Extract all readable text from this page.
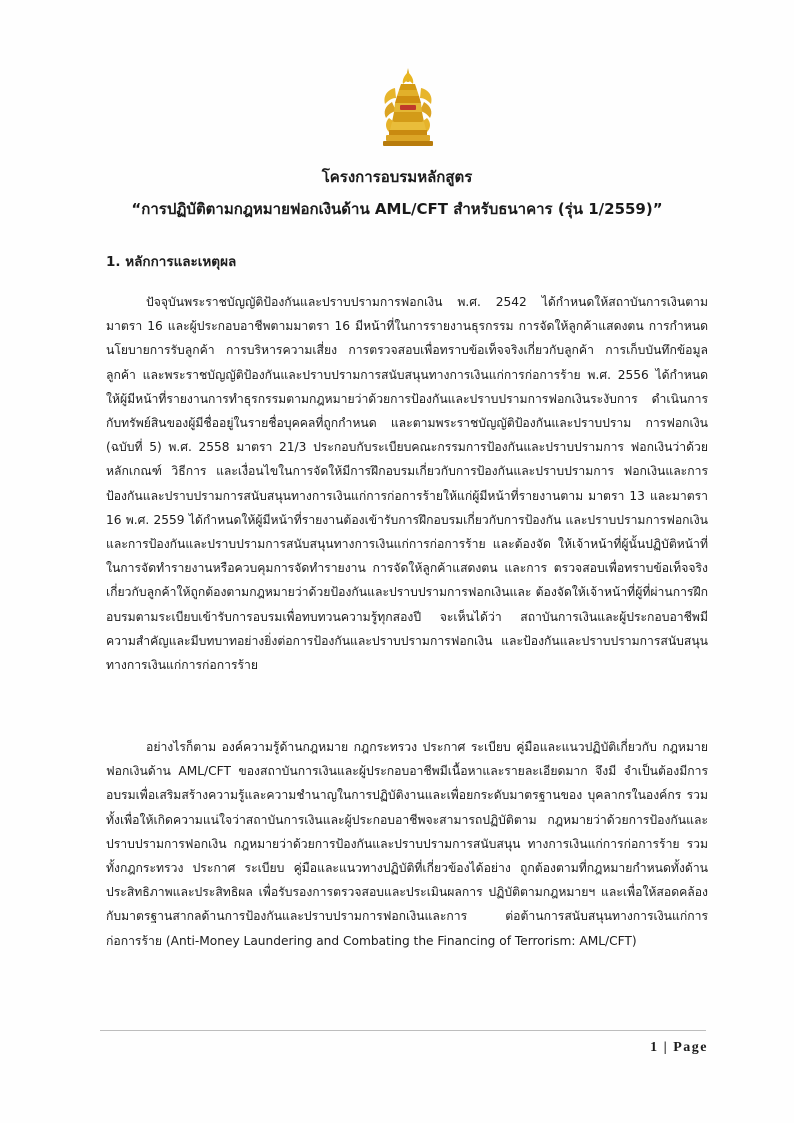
โครงการอบรมหลักสูตร
“การปฏิบัติตามกฎหมายฟอกเงินด้าน AML/CFT สำหรับธนาคาร (รุ่น 1/2559)”
1. หลักการและเหตุผล

ปัจจุบันพระราชบัญญัติป้องกันและปราบปรามการฟอกเงิน พ.ศ. 2542 ได้กำหนดให้สถาบันการเงินตาม มาตรา 16 และผู้ประกอบอาชีพตามมาตรา 16 มีหน้าที่ในการรายงานธุรกรรม การจัดให้ลูกค้าแสดงตน การกำหนด นโยบายการรับลูกค้า การบริหารความเสี่ยง การตรวจสอบเพื่อทราบข้อเท็จจริงเกี่ยวกับลูกค้า การเก็บบันทึกข้อมูล ลูกค้า และพระราชบัญญัติป้องกันและปราบปรามการสนับสนุนทางการเงินแก่การก่อการร้าย พ.ศ. 2556 ได้กำหนดให้ผู้มีหน้าที่รายงานการทำธุรกรรมตามกฎหมายว่าด้วยการป้องกันและปราบปรามการฟอกเงินระงับการ ดำเนินการกับทรัพย์สินของผู้มีชื่ออยู่ในรายชื่อบุคคลที่ถูกกำหนด และตามพระราชบัญญัติป้องกันและปราบปราม การฟอกเงิน (ฉบับที่ 5) พ.ศ. 2558 มาตรา 21/3 ประกอบกับระเบียบคณะกรรมการป้องกันและปราบปรามการ ฟอกเงินว่าด้วยหลักเกณฑ์ วิธีการ และเงื่อนไขในการจัดให้มีการฝึกอบรมเกี่ยวกับการป้องกันและปราบปรามการ ฟอกเงินและการป้องกันและปราบปรามการสนับสนุนทางการเงินแก่การก่อการร้ายให้แก่ผู้มีหน้าที่รายงานตาม มาตรา 13 และมาตรา 16 พ.ศ. 2559 ได้กำหนดให้ผู้มีหน้าที่รายงานต้องเข้ารับการฝึกอบรมเกี่ยวกับการป้องกัน และปราบปรามการฟอกเงินและการป้องกันและปราบปรามการสนับสนุนทางการเงินแก่การก่อการร้าย และต้องจัด ให้เจ้าหน้าที่ผู้นั้นปฏิบัติหน้าที่ในการจัดทำรายงานหรือควบคุมการจัดทำรายงาน การจัดให้ลูกค้าแสดงตน และการ ตรวจสอบเพื่อทราบข้อเท็จจริงเกี่ยวกับลูกค้าให้ถูกต้องตามกฎหมายว่าด้วยป้องกันและปราบปรามการฟอกเงินและ ต้องจัดให้เจ้าหน้าที่ผู้ที่ผ่านการฝึกอบรมตามระเบียบเข้ารับการอบรมเพื่อทบทวนความรู้ทุกสองปี จะเห็นได้ว่า สถาบันการเงินและผู้ประกอบอาชีพมีความสำคัญและมีบทบาทอย่างยิ่งต่อการป้องกันและปราบปรามการฟอกเงิน และป้องกันและปราบปรามการสนับสนุนทางการเงินแก่การก่อการร้าย

อย่างไรก็ตาม องค์ความรู้ด้านกฎหมาย กฎกระทรวง ประกาศ ระเบียบ คู่มือและแนวปฏิบัติเกี่ยวกับ กฎหมายฟอกเงินด้าน AML/CFT ของสถาบันการเงินและผู้ประกอบอาชีพมีเนื้อหาและรายละเอียดมาก จึงมี จำเป็นต้องมีการอบรมเพื่อเสริมสร้างความรู้และความชำนาญในการปฏิบัติงานและเพื่อยกระดับมาตรฐานของ บุคลากรในองค์กร รวมทั้งเพื่อให้เกิดความแน่ใจว่าสถาบันการเงินและผู้ประกอบอาชีพจะสามารถปฏิบัติตาม กฎหมายว่าด้วยการป้องกันและปราบปรามการฟอกเงิน กฎหมายว่าด้วยการป้องกันและปราบปรามการสนับสนุน ทางการเงินแก่การก่อการร้าย รวมทั้งกฎกระทรวง ประกาศ ระเบียบ คู่มือและแนวทางปฏิบัติที่เกี่ยวข้องได้อย่าง ถูกต้องตามที่กฎหมายกำหนดทั้งด้านประสิทธิภาพและประสิทธิผล เพื่อรับรองการตรวจสอบและประเมินผลการ ปฏิบัติตามกฎหมายฯ และเพื่อให้สอดคล้องกับมาตรฐานสากลด้านการป้องกันและปราบปรามการฟอกเงินและการ ต่อต้านการสนับสนุนทางการเงินแก่การก่อการร้าย (Anti-Money Laundering and Combating the Financing of Terrorism: AML/CFT)

1 | Page
